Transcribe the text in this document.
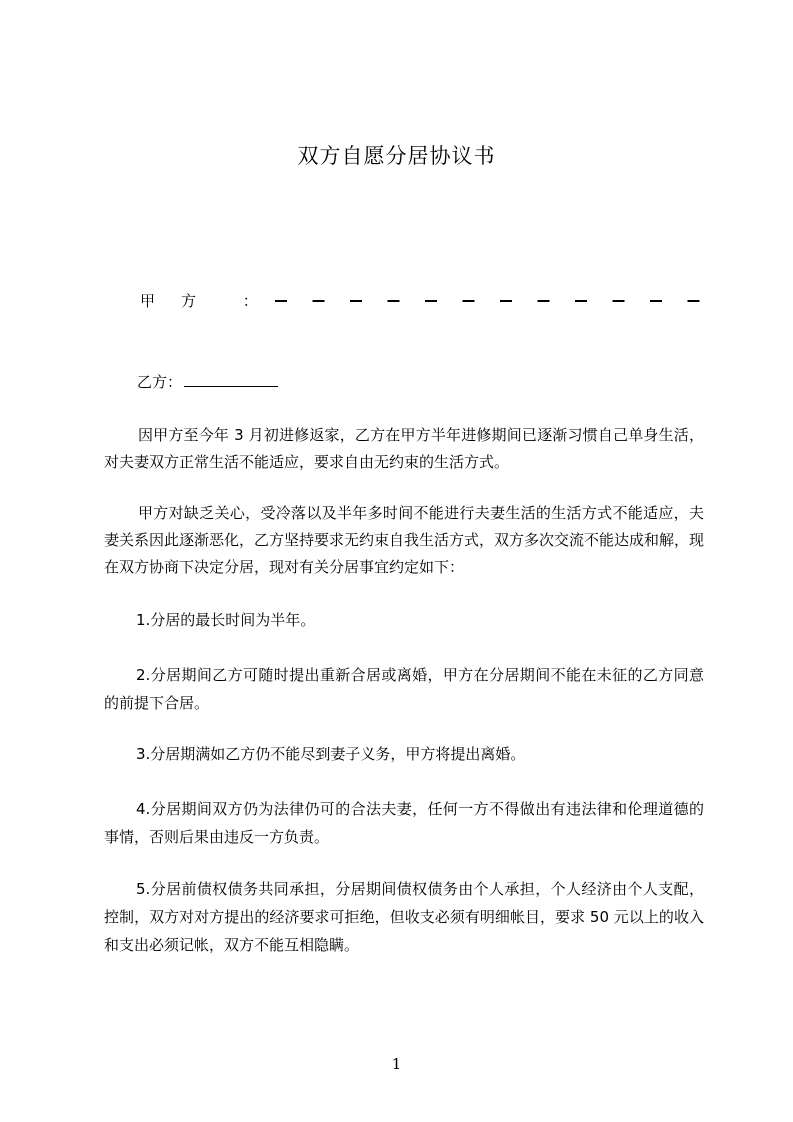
双方自愿分居协议书
甲方 ：
乙方：

因甲方至今年 3 月初进修返家，乙方在甲方半年进修期间已逐渐习惯自己单身生活，对夫妻双方正常生活不能适应，要求自由无约束的生活方式。

甲方对缺乏关心，受冷落以及半年多时间不能进行夫妻生活的生活方式不能适应，夫妻关系因此逐渐恶化，乙方坚持要求无约束自我生活方式，双方多次交流不能达成和解，现在双方协商下决定分居，现对有关分居事宜约定如下：

1.分居的最长时间为半年。

2.分居期间乙方可随时提出重新合居或离婚，甲方在分居期间不能在未征的乙方同意的前提下合居。

3.分居期满如乙方仍不能尽到妻子义务，甲方将提出离婚。

4.分居期间双方仍为法律仍可的合法夫妻，任何一方不得做出有违法律和伦理道德的事情，否则后果由违反一方负责。

5.分居前债权债务共同承担，分居期间债权债务由个人承担，个人经济由个人支配，控制，双方对对方提出的经济要求可拒绝，但收支必须有明细帐目，要求 50 元以上的收入和支出必须记帐，双方不能互相隐瞒。

1
